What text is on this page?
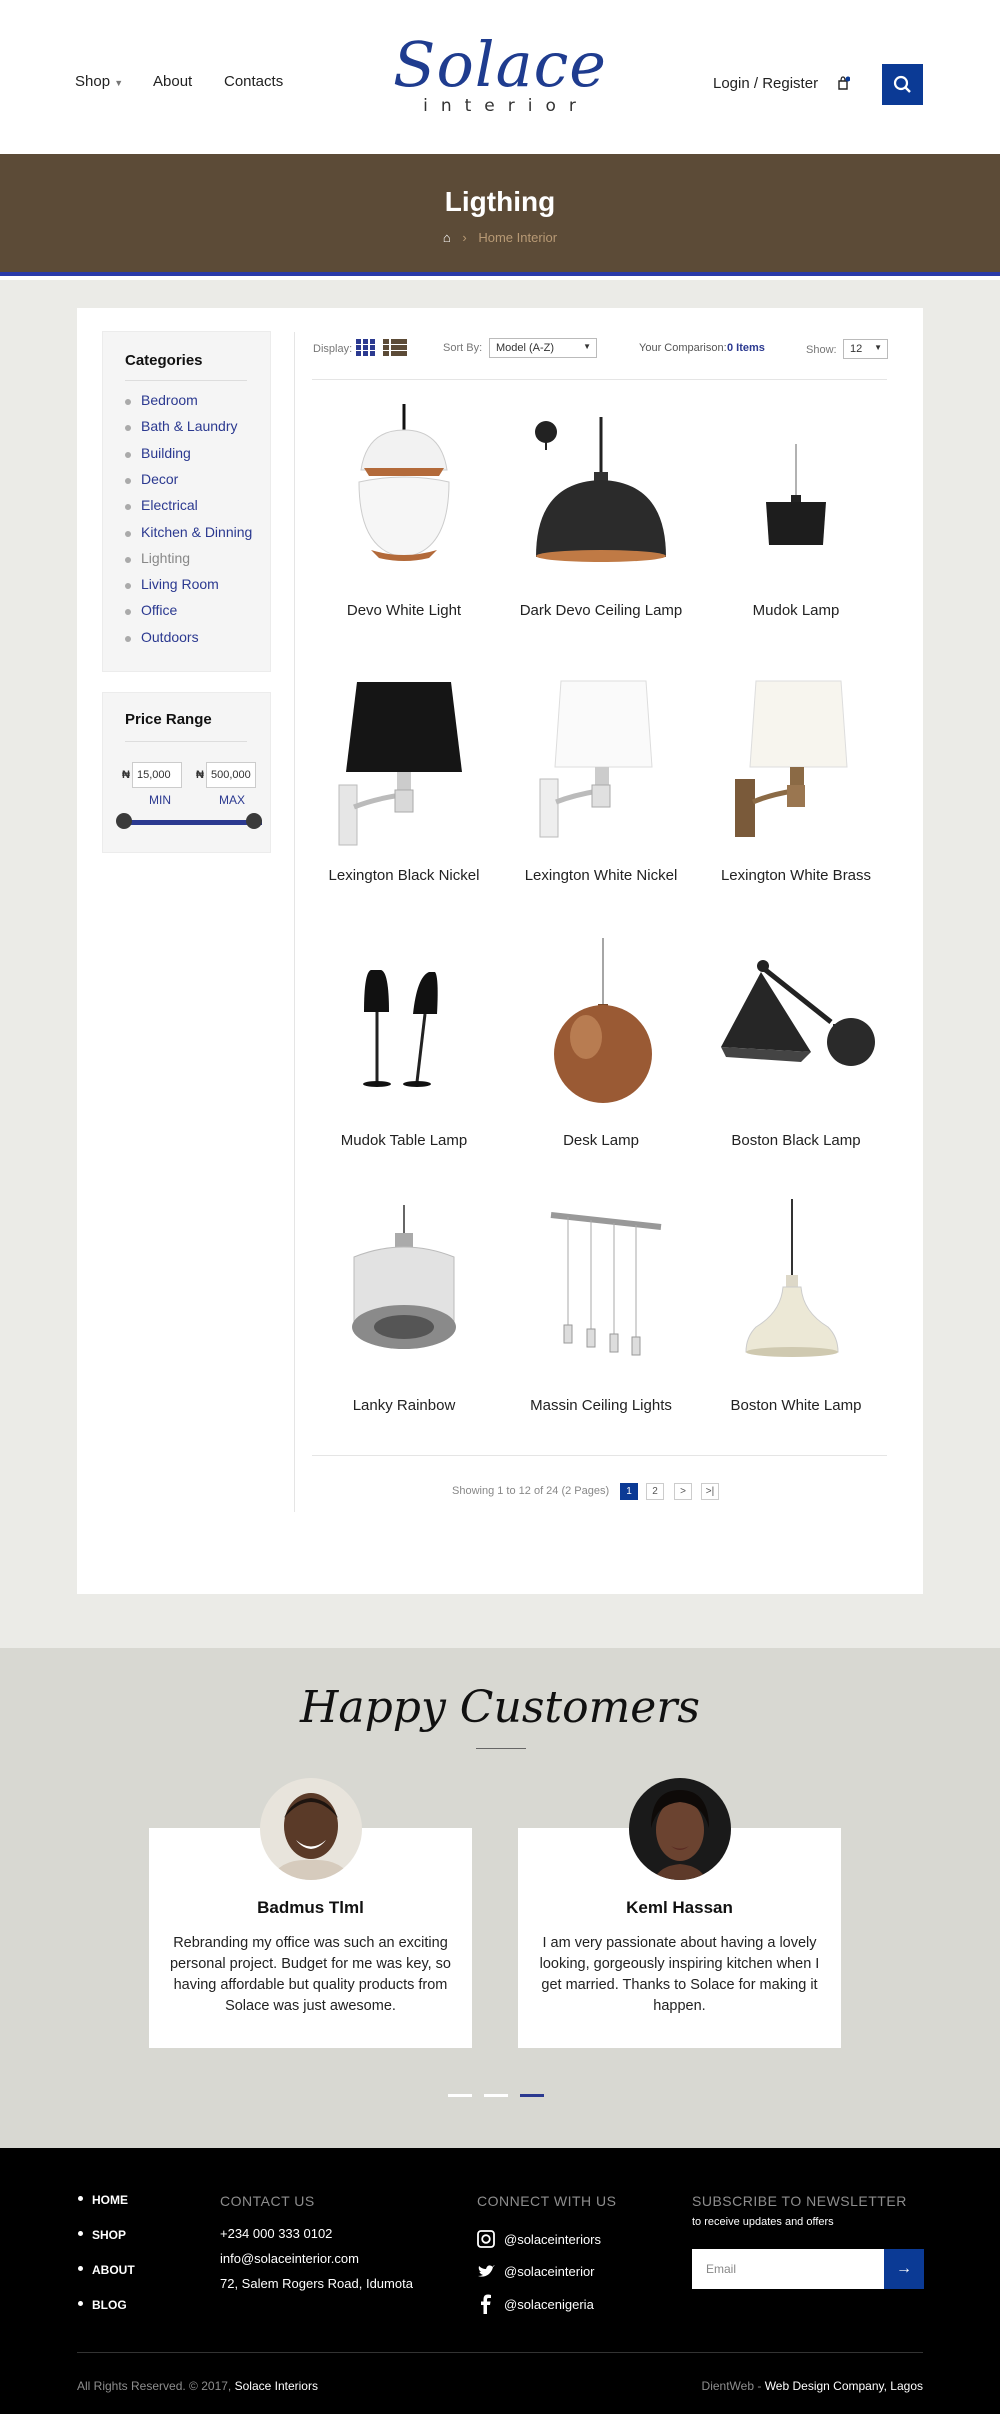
Shop ▼ About Contacts Solace
interior
Login / Register
Ligthing
⌂ › Home Interior
Categories
Bedroom
Bath & Laundry
Building
Decor
Electrical
Kitchen & Dinning
Lighting
Living Room
Office
Outdoors
Price Range
₦ 15,000	₦ 500,000
MIN	MAX
Display:	Sort By:	Model (A-Z)	▼	Your Comparison: 0 Items	Show:	12 ▼
Devo White Light	Dark Devo Ceiling Lamp	Mudok Lamp
Lexington Black Nickel	Lexington White Nickel	Lexington White Brass
Mudok Table Lamp	Desk Lamp	Boston Black Lamp
Lanky Rainbow	Massin Ceiling Lights	Boston White Lamp
Showing 1 to 12 of 24 (2 Pages)	1	2	>	>|
Happy Customers
Badmus Tlml
Rebranding my office was such an exciting personal project. Budget for me was key, so having affordable but quality products from Solace was just awesome.
Keml Hassan
I am very passionate about having a lovely looking, gorgeously inspiring kitchen when I get married. Thanks to Solace for making it happen.
HOME
SHOP
ABOUT
BLOG
CONTACT US
+234 000 333 0102
info@solaceinterior.com
72, Salem Rogers Road, Idumota
CONNECT WITH US
@solaceinteriors
@solaceinterior
@solacenigeria
SUBSCRIBE TO NEWSLETTER
to receive updates and offers
Email	→
All Rights Reserved. © 2017, Solace Interiors	DientWeb - Web Design Company, Lagos
